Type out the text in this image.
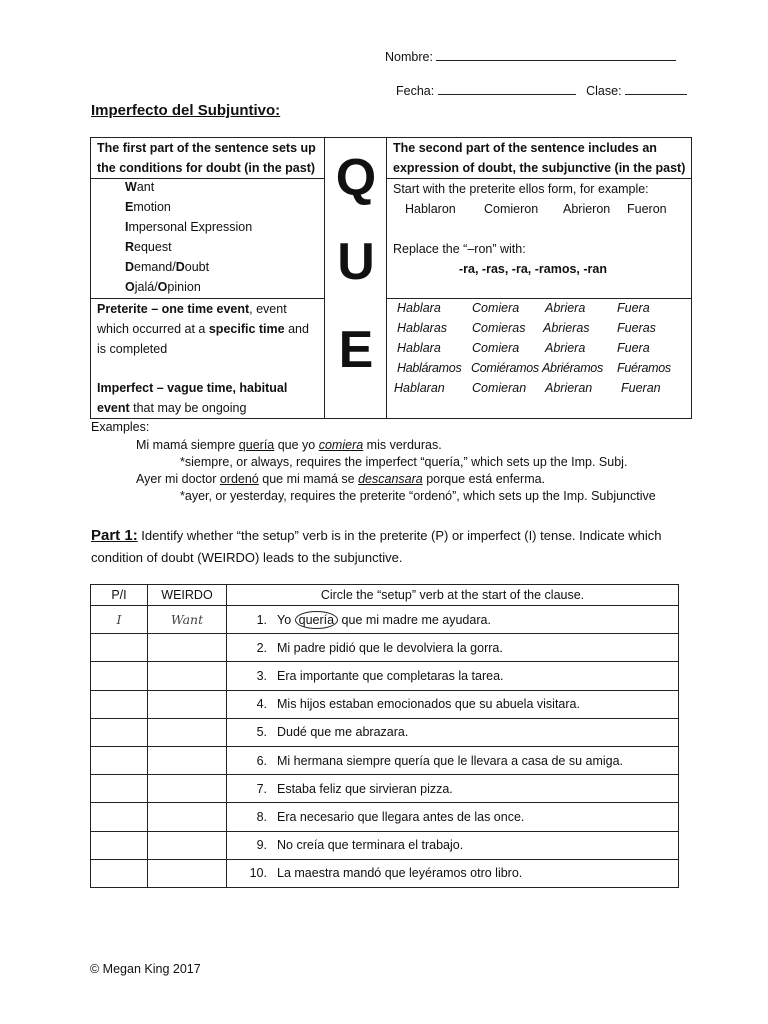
Nombre:
Fecha:	Clase:
Imperfecto del Subjuntivo:
The first part of the sentence sets up
the conditions for doubt (in the past)
Want
Emotion
Impersonal Expression
Request
Demand/Doubt
Ojalá/Opinion
Q
U
E
The second part of the sentence includes an
expression of doubt, the subjunctive (in the past)
Start with the preterite ellos form, for example:
Hablaron Comieron Abrieron Fueron
Replace the “–ron” with:
-ra, -ras, -ra, -ramos, -ran
Preterite – one time event, event
which occurred at a specific time and
is completed
Imperfect – vague time, habitual
event that may be ongoing
Hablara Comiera Abriera	Fuera
Hablaras Comieras Abrieras Fueras
Hablara Comiera Abriera	Fuera
Habláramos Comiéramos Abriéramos Fuéramos
Hablaran Comieran Abrieran Fueran
Examples:
Mi mamá siempre quería que yo comiera mis verduras.
*siempre, or always, requires the imperfect “quería,” which sets up the Imp. Subj.
Ayer mi doctor ordenó que mi mamá se descansara porque está enferma.
*ayer, or yesterday, requires the preterite “ordenó”, which sets up the Imp. Subjunctive
Part 1: Identify whether “the setup” verb is in the preterite (P) or imperfect (I) tense. Indicate which condition of doubt (WEIRDO) leads to the subjunctive.
P/I	WEIRDO	Circle the “setup” verb at the start of the clause.
I	Want	1. Yo quería que mi madre me ayudara.
		2. Mi padre pidió que le devolviera la gorra.
		3. Era importante que completaras la tarea.
		4. Mis hijos estaban emocionados que su abuela visitara.
		5. Dudé que me abrazara.
		6. Mi hermana siempre quería que le llevara a casa de su amiga.
		7. Estaba feliz que sirvieran pizza.
		8. Era necesario que llegara antes de las once.
		9. No creía que terminara el trabajo.
		10. La maestra mandó que leyéramos otro libro.
© Megan King 2017
